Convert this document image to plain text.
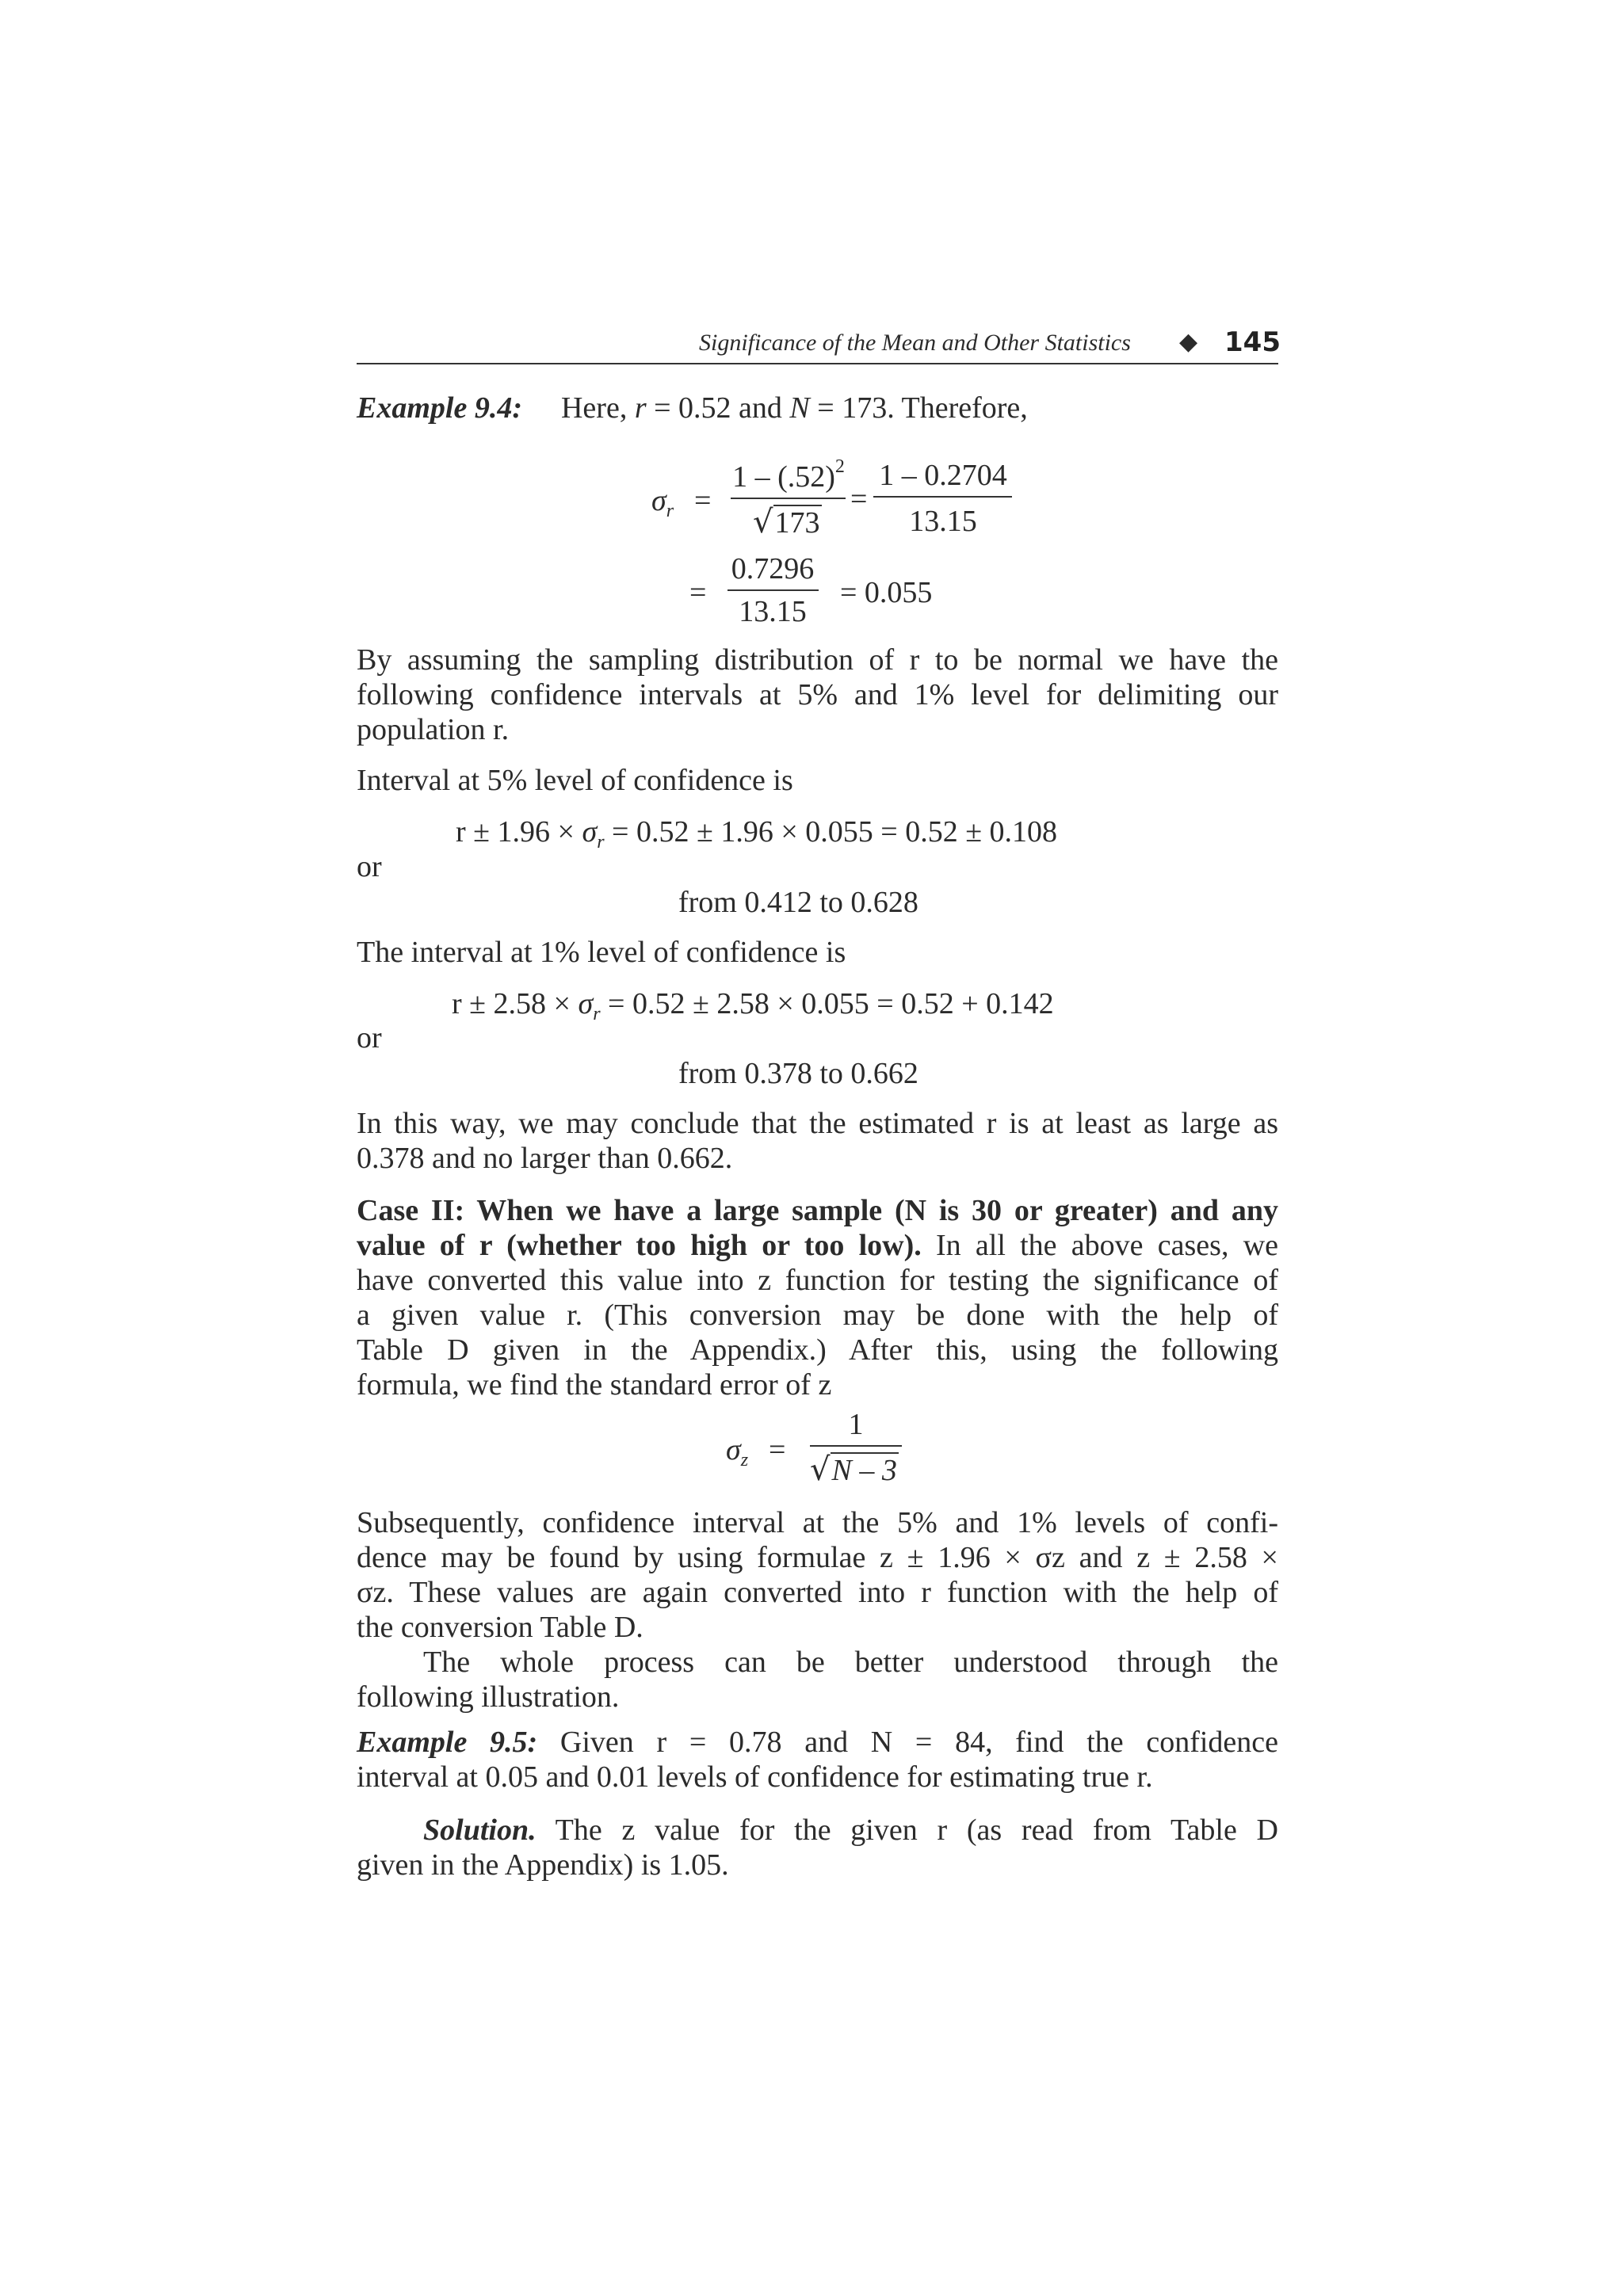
Significance of the Mean and Other Statistics ◆ 145
Example 9.4: Here, r = 0.52 and N = 173. Therefore,
$\sigma_r$ =
$1 - (.52)^2$
√173
=
1 – 0.2704
13.15
=
0.7296
13.15
= 0.055
By assuming the sampling distribution of r to be normal we have the
following confidence intervals at 5% and 1% level for delimiting our
population r.
Interval at 5% level of confidence is
$r \pm 1.96 \times \sigma_r = 0.52 \pm 1.96 \times 0.055 = 0.52 \pm 0.108$
or
from 0.412 to 0.628
The interval at 1% level of confidence is
$r \pm 2.58 \times \sigma_r = 0.52 \pm 2.58 \times 0.055 = 0.52 + 0.142$
or
from 0.378 to 0.662
In this way, we may conclude that the estimated r is at least as large as
0.378 and no larger than 0.662.
Case II: When we have a large sample (N is 30 or greater) and any
value of r (whether too high or too low). In all the above cases, we
have converted this value into z function for testing the significance of
a given value r. (This conversion may be done with the help of
Table D given in the Appendix.) After this, using the following
formula, we find the standard error of z
$\sigma_z$ =
1
√N – 3
Subsequently, confidence interval at the 5% and 1% levels of confi-
dence may be found by using formulae z ± 1.96 × σz and z ± 2.58 ×
σz. These values are again converted into r function with the help of
the conversion Table D.
The whole process can be better understood through the
following illustration.
Example 9.5: Given r = 0.78 and N = 84, find the confidence
interval at 0.05 and 0.01 levels of confidence for estimating true r.
Solution. The z value for the given r (as read from Table D
given in the Appendix) is 1.05.
